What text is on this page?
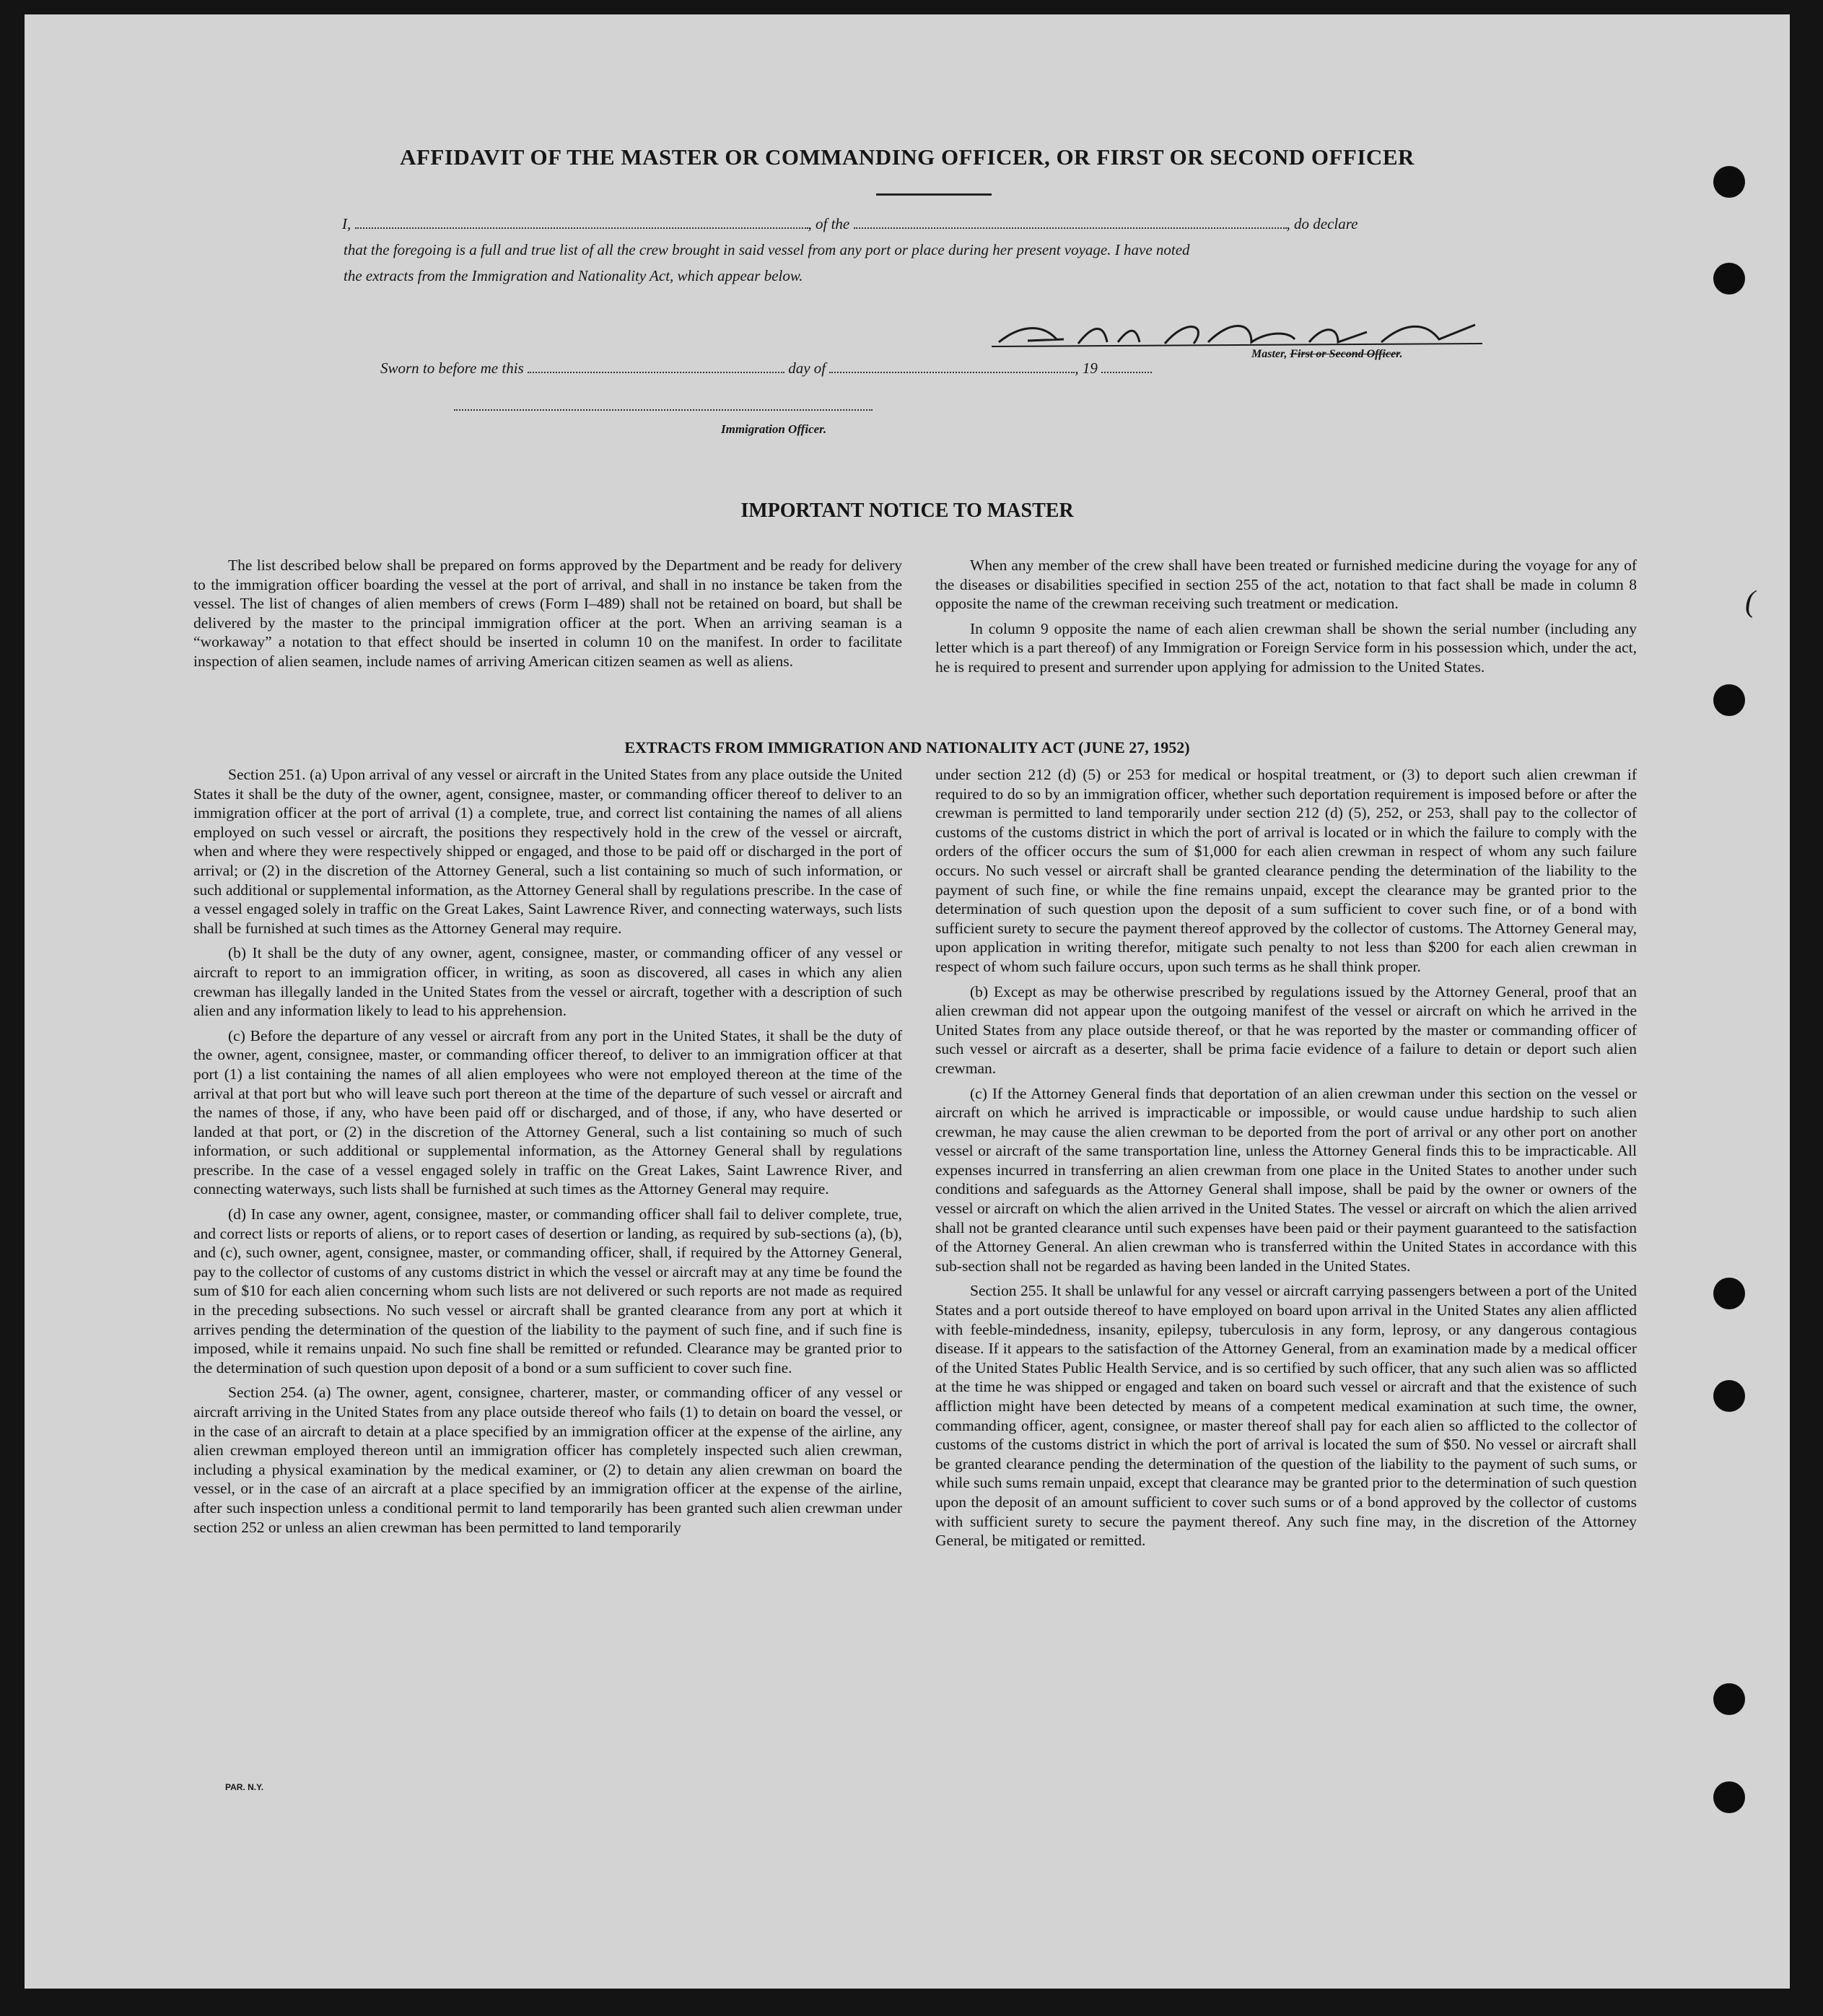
(
AFFIDAVIT OF THE MASTER OR COMMANDING OFFICER, OR FIRST OR SECOND OFFICER
I,	, of the	, do declare
that the foregoing is a full and true list of all the crew brought in said vessel from any port or place during her present voyage. I have noted
the extracts from the Immigration and Nationality Act, which appear below.
Master, First or Second Officer.
Sworn to before me this	day of	, 19
Immigration Officer.
IMPORTANT NOTICE TO MASTER

The list described below shall be prepared on forms approved by the Department and be ready for delivery to the immigration officer boarding the vessel at the port of arrival, and shall in no instance be taken from the vessel. The list of changes of alien members of crews (Form I–489) shall not be retained on board, but shall be delivered by the master to the principal immigration officer at the port. When an arriving seaman is a “workaway” a notation to that effect should be inserted in column 10 on the manifest. In order to facilitate inspection of alien seamen, include names of arriving American citizen seamen as well as aliens.

When any member of the crew shall have been treated or furnished medicine during the voyage for any of the diseases or disabilities specified in section 255 of the act, notation to that fact shall be made in column 8 opposite the name of the crewman receiving such treatment or medication.

In column 9 opposite the name of each alien crewman shall be shown the serial number (including any letter which is a part thereof) of any Immigration or Foreign Service form in his possession which, under the act, he is required to present and surrender upon applying for admission to the United States.

EXTRACTS FROM IMMIGRATION AND NATIONALITY ACT (JUNE 27, 1952)

Section 251. (a) Upon arrival of any vessel or aircraft in the United States from any place outside the United States it shall be the duty of the owner, agent, consignee, master, or commanding officer thereof to deliver to an immigration officer at the port of arrival (1) a complete, true, and correct list containing the names of all aliens employed on such vessel or aircraft, the positions they respectively hold in the crew of the vessel or aircraft, when and where they were respectively shipped or engaged, and those to be paid off or discharged in the port of arrival; or (2) in the discretion of the Attorney General, such a list containing so much of such information, or such additional or supplemental information, as the Attorney General shall by regulations prescribe. In the case of a vessel engaged solely in traffic on the Great Lakes, Saint Lawrence River, and connecting waterways, such lists shall be furnished at such times as the Attorney General may require.

(b) It shall be the duty of any owner, agent, consignee, master, or commanding officer of any vessel or aircraft to report to an immigration officer, in writing, as soon as discovered, all cases in which any alien crewman has illegally landed in the United States from the vessel or aircraft, together with a description of such alien and any information likely to lead to his apprehension.

(c) Before the departure of any vessel or aircraft from any port in the United States, it shall be the duty of the owner, agent, consignee, master, or commanding officer thereof, to deliver to an immigration officer at that port (1) a list containing the names of all alien employees who were not employed thereon at the time of the arrival at that port but who will leave such port thereon at the time of the departure of such vessel or aircraft and the names of those, if any, who have been paid off or discharged, and of those, if any, who have deserted or landed at that port, or (2) in the discretion of the Attorney General, such a list containing so much of such information, or such additional or supplemental information, as the Attorney General shall by regulations prescribe. In the case of a vessel engaged solely in traffic on the Great Lakes, Saint Lawrence River, and connecting waterways, such lists shall be furnished at such times as the Attorney General may require.

(d) In case any owner, agent, consignee, master, or commanding officer shall fail to deliver complete, true, and correct lists or reports of aliens, or to report cases of desertion or landing, as required by sub-sections (a), (b), and (c), such owner, agent, consignee, master, or commanding officer, shall, if required by the Attorney General, pay to the collector of customs of any customs district in which the vessel or aircraft may at any time be found the sum of $10 for each alien concerning whom such lists are not delivered or such reports are not made as required in the preceding subsections. No such vessel or aircraft shall be granted clearance from any port at which it arrives pending the determination of the question of the liability to the payment of such fine, and if such fine is imposed, while it remains unpaid. No such fine shall be remitted or refunded. Clearance may be granted prior to the determination of such question upon deposit of a bond or a sum sufficient to cover such fine.

Section 254. (a) The owner, agent, consignee, charterer, master, or commanding officer of any vessel or aircraft arriving in the United States from any place outside thereof who fails (1) to detain on board the vessel, or in the case of an aircraft to detain at a place specified by an immigration officer at the expense of the airline, any alien crewman employed thereon until an immigration officer has completely inspected such alien crewman, including a physical examination by the medical examiner, or (2) to detain any alien crewman on board the vessel, or in the case of an aircraft at a place specified by an immigration officer at the expense of the airline, after such inspection unless a conditional permit to land temporarily has been granted such alien crewman under section 252 or unless an alien crewman has been permitted to land temporarily

under section 212 (d) (5) or 253 for medical or hospital treatment, or (3) to deport such alien crewman if required to do so by an immigration officer, whether such deportation requirement is imposed before or after the crewman is permitted to land temporarily under section 212 (d) (5), 252, or 253, shall pay to the collector of customs of the customs district in which the port of arrival is located or in which the failure to comply with the orders of the officer occurs the sum of $1,000 for each alien crewman in respect of whom any such failure occurs. No such vessel or aircraft shall be granted clearance pending the determination of the liability to the payment of such fine, or while the fine remains unpaid, except the clearance may be granted prior to the determination of such question upon the deposit of a sum sufficient to cover such fine, or of a bond with sufficient surety to secure the payment thereof approved by the collector of customs. The Attorney General may, upon application in writing therefor, mitigate such penalty to not less than $200 for each alien crewman in respect of whom such failure occurs, upon such terms as he shall think proper.

(b) Except as may be otherwise prescribed by regulations issued by the Attorney General, proof that an alien crewman did not appear upon the outgoing manifest of the vessel or aircraft on which he arrived in the United States from any place outside thereof, or that he was reported by the master or commanding officer of such vessel or aircraft as a deserter, shall be prima facie evidence of a failure to detain or deport such alien crewman.

(c) If the Attorney General finds that deportation of an alien crewman under this section on the vessel or aircraft on which he arrived is impracticable or impossible, or would cause undue hardship to such alien crewman, he may cause the alien crewman to be deported from the port of arrival or any other port on another vessel or aircraft of the same transportation line, unless the Attorney General finds this to be impracticable. All expenses incurred in transferring an alien crewman from one place in the United States to another under such conditions and safeguards as the Attorney General shall impose, shall be paid by the owner or owners of the vessel or aircraft on which the alien arrived in the United States. The vessel or aircraft on which the alien arrived shall not be granted clearance until such expenses have been paid or their payment guaranteed to the satisfaction of the Attorney General. An alien crewman who is transferred within the United States in accordance with this sub-section shall not be regarded as having been landed in the United States.

Section 255. It shall be unlawful for any vessel or aircraft carrying passengers between a port of the United States and a port outside thereof to have employed on board upon arrival in the United States any alien afflicted with feeble-mindedness, insanity, epilepsy, tuberculosis in any form, leprosy, or any dangerous contagious disease. If it appears to the satisfaction of the Attorney General, from an examination made by a medical officer of the United States Public Health Service, and is so certified by such officer, that any such alien was so afflicted at the time he was shipped or engaged and taken on board such vessel or aircraft and that the existence of such affliction might have been detected by means of a competent medical examination at such time, the owner, commanding officer, agent, consignee, or master thereof shall pay for each alien so afflicted to the collector of customs of the customs district in which the port of arrival is located the sum of $50. No vessel or aircraft shall be granted clearance pending the determination of the question of the liability to the payment of such sums, or while such sums remain unpaid, except that clearance may be granted prior to the determination of such question upon the deposit of an amount sufficient to cover such sums or of a bond approved by the collector of customs with sufficient surety to secure the payment thereof. Any such fine may, in the discretion of the Attorney General, be mitigated or remitted.

PAR. N.Y.
